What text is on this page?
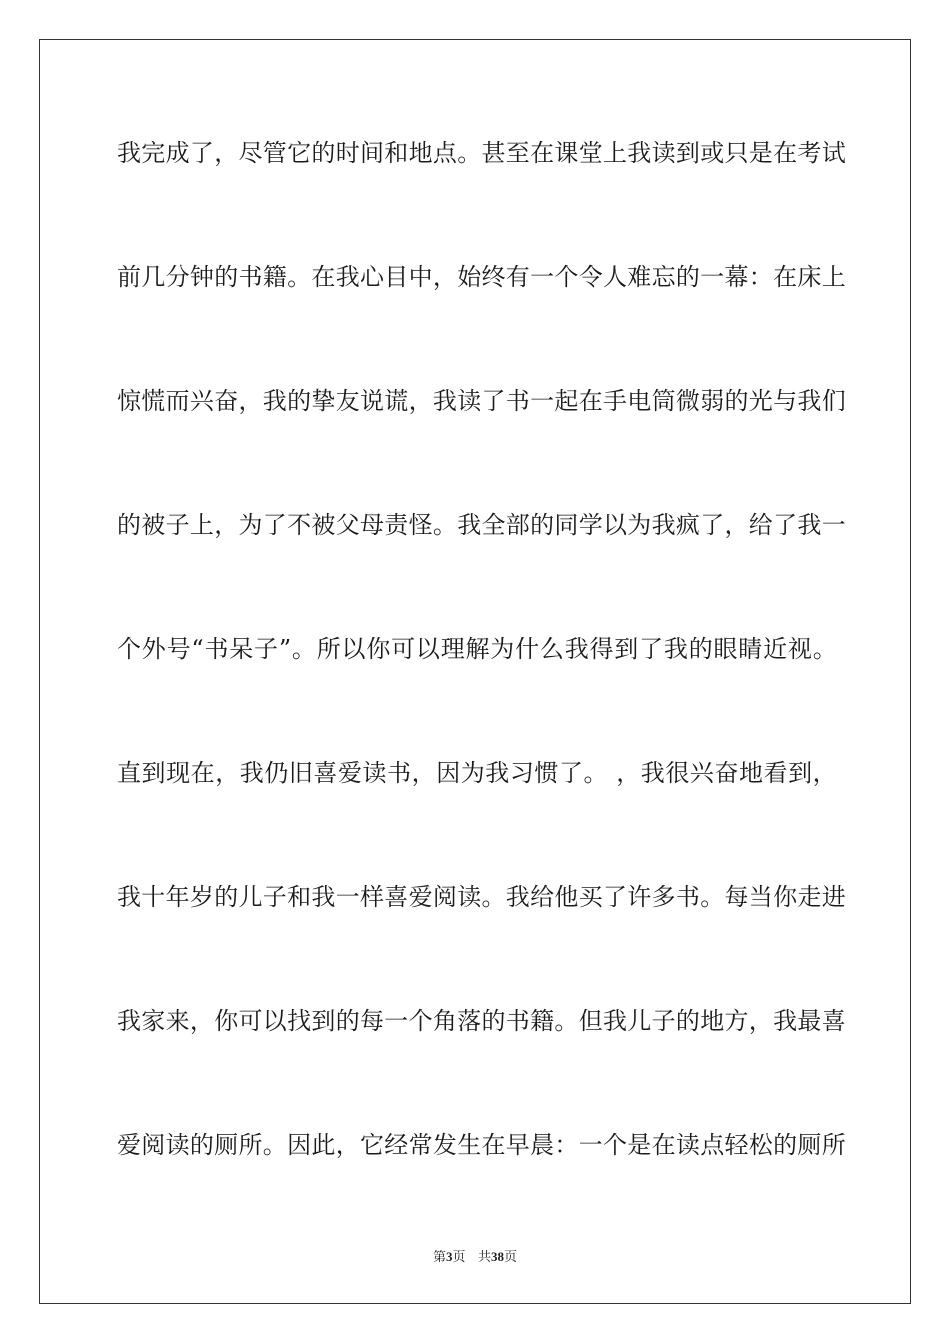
我完成了，尽管它的时间和地点。甚至在课堂上我读到或只是在考试
前几分钟的书籍。在我心目中，始终有一个令人难忘的一幕：在床上
惊慌而兴奋，我的挚友说谎，我读了书一起在手电筒微弱的光与我们
的被子上，为了不被父母责怪。我全部的同学以为我疯了，给了我一
个外号“书呆子”。所以你可以理解为什么我得到了我的眼睛近视。
直到现在，我仍旧喜爱读书，因为我习惯了。 ，我很兴奋地看到，
我十年岁的儿子和我一样喜爱阅读。我给他买了许多书。每当你走进
我家来，你可以找到的每一个角落的书籍。但我儿子的地方，我最喜
爱阅读的厕所。因此，它经常发生在早晨：一个是在读点轻松的厕所
第3页 共38页
